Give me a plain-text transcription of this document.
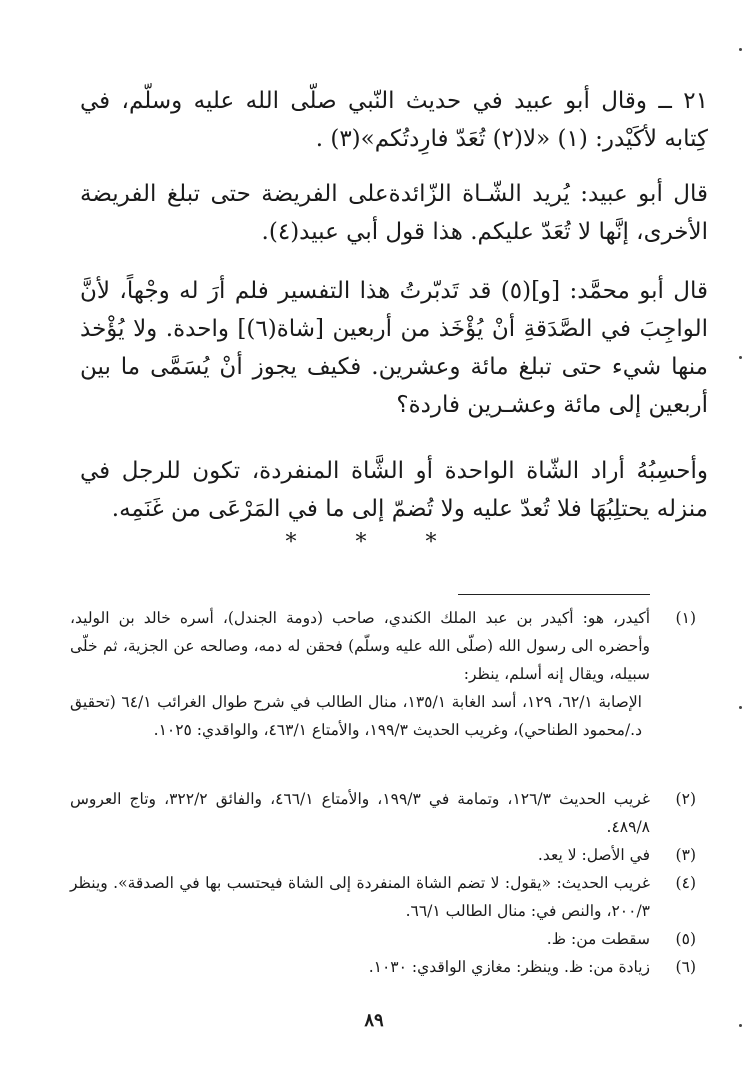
٢١ ــ وقال أبو عبيد في حديث النّبي صلّى الله عليه وسلّم، في كِتابه لأكَيْدر: (١) «لا(٢) تُعَدّ فارِدتُكم»(٣) .
قال أبو عبيد: يُريد الشّـاة الزّائدةعلى الفريضة حتى تبلغ الفريضة الأخرى، إنَّها لا تُعَدّ عليكم. هذا قول أبي عبيد(٤).
قال أبو محمَّد: [و](٥) قد تَدبّرتُ هذا التفسير فلم أرَ له وجْهاً، لأنَّ الواجِبَ في الصَّدَقةِ أنْ يُؤْخَذ من أربعين [شاة(٦)] واحدة. ولا يُؤْخذ منها شيء حتى تبلغ مائة وعشرين. فكيف يجوز أنْ يُسَمَّى ما بين أربعين إلى مائة وعشـرين فاردة؟
وأحسِبُهُ أراد الشّاة الواحدة أو الشَّاة المنفردة، تكون للرجل في منزله يحتلِبُهَا فلا تُعدّ عليه ولا تُضمّ إلى ما في المَرْعَى من غَنَمِه.
* * *
(١)

أكيدر، هو: أكيدر بن عبد الملك الكندي، صاحب (دومة الجندل)، أسره خالد بن الوليد، وأحضره الى رسول الله (صلّى الله عليه وسلّم) فحقن له دمه، وصالحه عن الجزية، ثم خلّى سبيله، ويقال إنه أسلم، ينظر:

الإصابة ٦٢/١، ١٢٩، أسد الغابة ١٣٥/١، منال الطالب في شرح طوال الغرائب ٦٤/١ (تحقيق د./محمود الطناحي)، وغريب الحديث ١٩٩/٣، والأمتاع ٤٦٣/١، والواقدي: ١٠٢٥.

(٢)

غريب الحديث ١٢٦/٣، وتمامة في ١٩٩/٣، والأمتاع ٤٦٦/١، والفائق ٣٢٢/٢، وتاج العروس ٤٨٩/٨.

(٣)

في الأصل: لا يعد.

(٤)

غريب الحديث: «يقول: لا تضم الشاة المنفردة إلى الشاة فيحتسب بها في الصدقة». وينظر ٢٠٠/٣، والنص في: منال الطالب ٦٦/١.

(٥)

سقطت من: ظ.

(٦)

زيادة من: ظ. وينظر: مغازي الواقدي: ١٠٣٠.

٨٩
